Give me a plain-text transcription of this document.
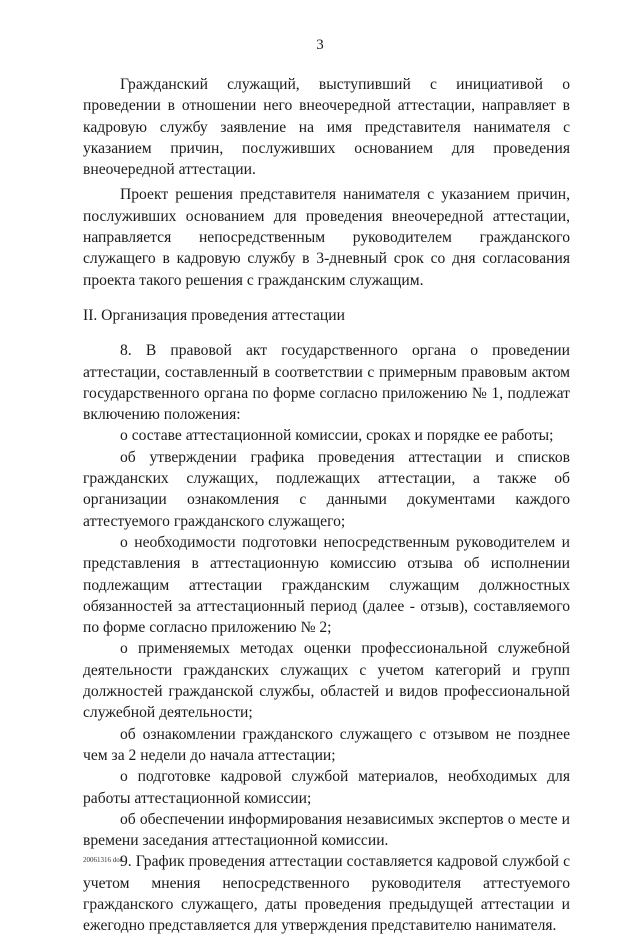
3

Гражданский служащий, выступивший с инициативой о проведении в отношении него внеочередной аттестации, направляет в кадровую службу заявление на имя представителя нанимателя с указанием причин, послуживших основанием для проведения внеочередной аттестации.

Проект решения представителя нанимателя с указанием причин, послуживших основанием для проведения внеочередной аттестации, направляется непосредственным руководителем гражданского служащего в кадровую службу в 3-дневный срок со дня согласования проекта такого решения с гражданским служащим.

II. Организация проведения аттестации

8. В правовой акт государственного органа о проведении аттестации, составленный в соответствии с примерным правовым актом государственного органа по форме согласно приложению № 1, подлежат включению положения:

о составе аттестационной комиссии, сроках и порядке ее работы;

об утверждении графика проведения аттестации и списков гражданских служащих, подлежащих аттестации, а также об организации ознакомления с данными документами каждого аттестуемого гражданского служащего;

о необходимости подготовки непосредственным руководителем и представления в аттестационную комиссию отзыва об исполнении подлежащим аттестации гражданским служащим должностных обязанностей за аттестационный период (далее - отзыв), составляемого по форме согласно приложению № 2;

о применяемых методах оценки профессиональной служебной деятельности гражданских служащих с учетом категорий и групп должностей гражданской службы, областей и видов профессиональной служебной деятельности;

об ознакомлении гражданского служащего с отзывом не позднее чем за 2 недели до начала аттестации;

о подготовке кадровой службой материалов, необходимых для работы аттестационной комиссии;

об обеспечении информирования независимых экспертов о месте и времени заседания аттестационной комиссии.

9. График проведения аттестации составляется кадровой службой с учетом мнения непосредственного руководителя аттестуемого гражданского служащего, даты проведения предыдущей аттестации и ежегодно представляется для утверждения представителю нанимателя.

20061316 doc
